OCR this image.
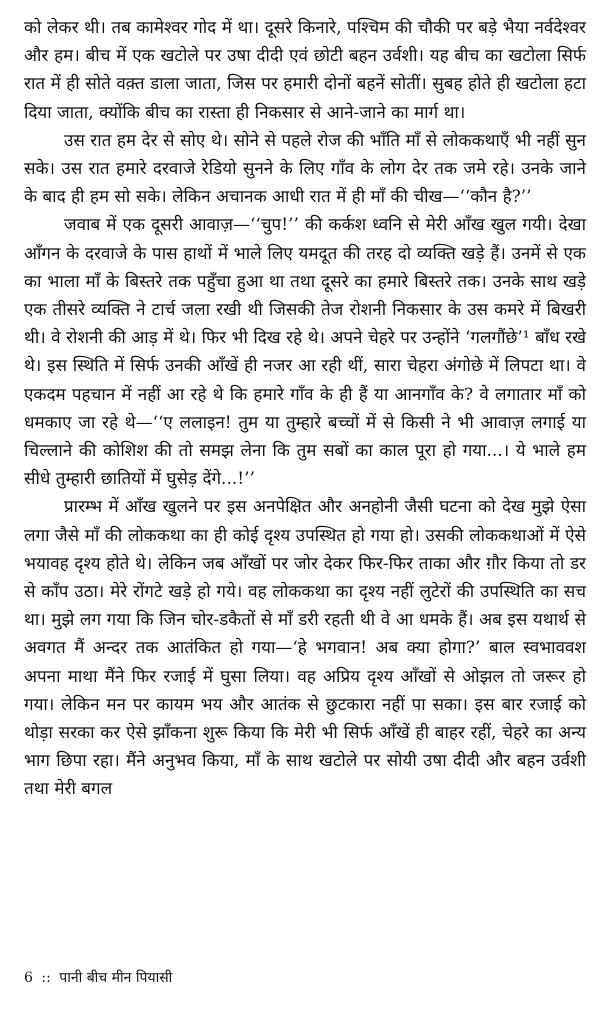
को लेकर थी। तब कामेश्वर गोद में था। दूसरे किनारे, पश्चिम की चौकी पर बड़े भैया नर्वदेश्वर और हम। बीच में एक खटोले पर उषा दीदी एवं छोटी बहन उर्वशी। यह बीच का खटोला सिर्फ रात में ही सोते वक़्त डाला जाता, जिस पर हमारी दोनों बहनें सोतीं। सुबह होते ही खटोला हटा दिया जाता, क्योंकि बीच का रास्ता ही निकसार से आने-जाने का मार्ग था।

उस रात हम देर से सोए थे। सोने से पहले रोज की भाँति माँ से लोककथाएँ भी नहीं सुन सके। उस रात हमारे दरवाजे रेडियो सुनने के लिए गाँव के लोग देर तक जमे रहे। उनके जाने के बाद ही हम सो सके। लेकिन अचानक आधी रात में ही माँ की चीख—‘‘कौन है?’’

जवाब में एक दूसरी आवाज़—‘‘चुप!’’ की कर्कश ध्वनि से मेरी आँख खुल गयी। देखा आँगन के दरवाजे के पास हाथों में भाले लिए यमदूत की तरह दो व्यक्ति खड़े हैं। उनमें से एक का भाला माँ के बिस्तरे तक पहुँचा हुआ था तथा दूसरे का हमारे बिस्तरे तक। उनके साथ खड़े एक तीसरे व्यक्ति ने टार्च जला रखी थी जिसकी तेज रोशनी निकसार के उस कमरे में बिखरी थी। वे रोशनी की आड़ में थे। फिर भी दिख रहे थे। अपने चेहरे पर उन्होंने ‘गलगौंछे’¹ बाँध रखे थे। इस स्थिति में सिर्फ उनकी आँखें ही नजर आ रही थीं, सारा चेहरा अंगोछे में लिपटा था। वे एकदम पहचान में नहीं आ रहे थे कि हमारे गाँव के ही हैं या आनगाँव के? वे लगातार माँ को धमकाए जा रहे थे—‘‘ए ललाइन! तुम या तुम्हारे बच्चों में से किसी ने भी आवाज़ लगाई या चिल्लाने की कोशिश की तो समझ लेना कि तुम सबों का काल पूरा हो गया...। ये भाले हम सीधे तुम्हारी छातियों में घुसेड़ देंगे...!’’

प्रारम्भ में आँख खुलने पर इस अनपेक्षित और अनहोनी जैसी घटना को देख मुझे ऐसा लगा जैसे माँ की लोककथा का ही कोई दृश्य उपस्थित हो गया हो। उसकी लोककथाओं में ऐसे भयावह दृश्य होते थे। लेकिन जब आँखों पर जोर देकर फिर-फिर ताका और ग़ौर किया तो डर से काँप उठा। मेरे रोंगटे खड़े हो गये। वह लोककथा का दृश्य नहीं लुटेरों की उपस्थिति का सच था। मुझे लग गया कि जिन चोर-डकैतों से माँ डरी रहती थी वे आ धमके हैं। अब इस यथार्थ से अवगत मैं अन्दर तक आतंकित हो गया—‘हे भगवान! अब क्या होगा?’ बाल स्वभाववश अपना माथा मैंने फिर रजाई में घुसा लिया। वह अप्रिय दृश्य आँखों से ओझल तो जरूर हो गया। लेकिन मन पर कायम भय और आतंक से छुटकारा नहीं पा सका। इस बार रजाई को थोड़ा सरका कर ऐसे झाँकना शुरू किया कि मेरी भी सिर्फ आँखें ही बाहर रहीं, चेहरे का अन्य भाग छिपा रहा। मैंने अनुभव किया, माँ के साथ खटोले पर सोयी उषा दीदी और बहन उर्वशी तथा मेरी बगल

6 :: पानी बीच मीन पियासी
